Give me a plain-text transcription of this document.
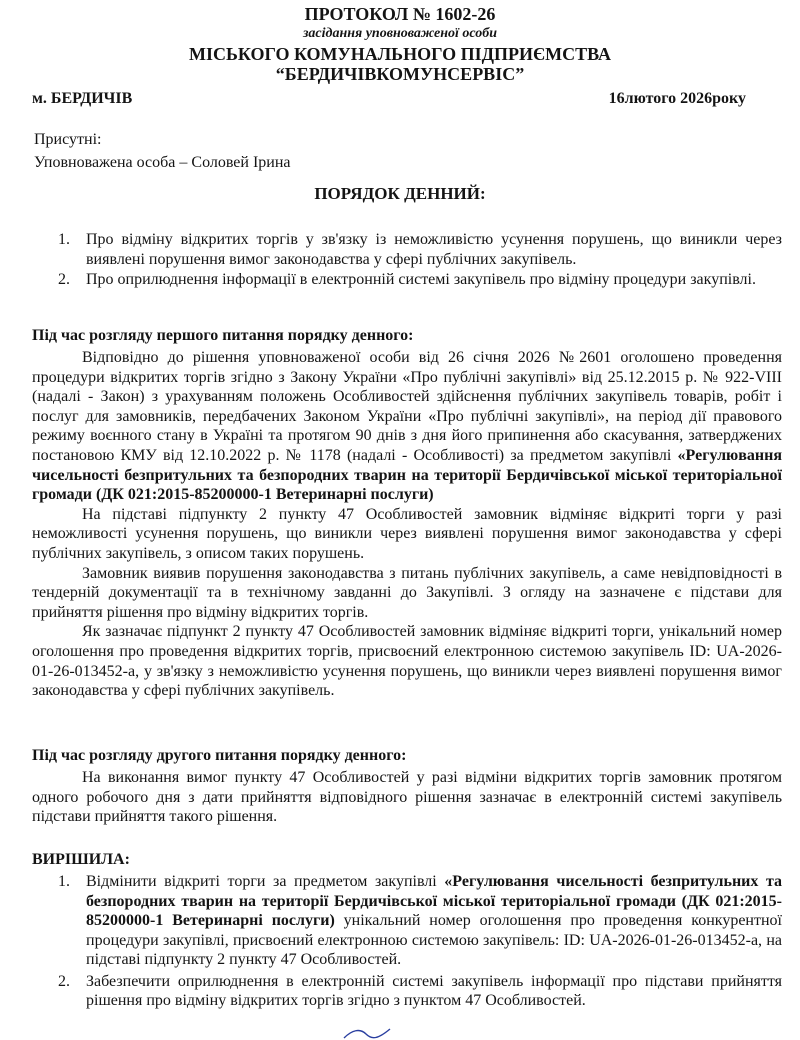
ПРОТОКОЛ № 1602-26
засідання уповноваженої особи
МІСЬКОГО КОМУНАЛЬНОГО ПІДПРИЄМСТВА
“БЕРДИЧІВКОМУНСЕРВІС”
м. БЕРДИЧІВ	16лютого 2026року
Присутні:
Уповноважена особа – Соловей Ірина
ПОРЯДОК ДЕННИЙ:
1. Про відміну відкритих торгів у зв'язку із неможливістю усунення порушень, що виникли через виявлені порушення вимог законодавства у сфері публічних закупівель.
2. Про оприлюднення інформації в електронній системі закупівель про відміну процедури закупівлі.
Під час розгляду першого питання порядку денного:

Відповідно до рішення уповноваженої особи від 26 січня 2026 №2601 оголошено проведення процедури відкритих торгів згідно з Закону України «Про публічні закупівлі» від 25.12.2015 р. № 922-VIII (надалі - Закон) з урахуванням положень Особливостей здійснення публічних закупівель товарів, робіт і послуг для замовників, передбачених Законом України «Про публічні закупівлі», на період дії правового режиму воєнного стану в Україні та протягом 90 днів з дня його припинення або скасування, затверджених постановою КМУ від 12.10.2022 р. № 1178 (надалі - Особливості) за предметом закупівлі «Регулювання чисельності безпритульних та безпородних тварин на території Бердичівської міської територіальної громади (ДК 021:2015-85200000-1 Ветеринарні послуги)

На підставі підпункту 2 пункту 47 Особливостей замовник відміняє відкриті торги у разі неможливості усунення порушень, що виникли через виявлені порушення вимог законодавства у сфері публічних закупівель, з описом таких порушень.

Замовник виявив порушення законодавства з питань публічних закупівель, а саме невідповідності в тендерній документації та в технічному завданні до Закупівлі. З огляду на зазначене є підстави для прийняття рішення про відміну відкритих торгів.

Як зазначає підпункт 2 пункту 47 Особливостей замовник відміняє відкриті торги, унікальний номер оголошення про проведення відкритих торгів, присвоєний електронною системою закупівель ID: UA-2026-01-26-013452-a, у зв'язку з неможливістю усунення порушень, що виникли через виявлені порушення вимог законодавства у сфері публічних закупівель.

Під час розгляду другого питання порядку денного:

На виконання вимог пункту 47 Особливостей у разі відміни відкритих торгів замовник протягом одного робочого дня з дати прийняття відповідного рішення зазначає в електронній системі закупівель підстави прийняття такого рішення.

ВИРІШИЛА:
1. Відмінити відкриті торги за предметом закупівлі «Регулювання чисельності безпритульних та безпородних тварин на території Бердичівської міської територіальної громади (ДК 021:2015-85200000-1 Ветеринарні послуги) унікальний номер оголошення про проведення конкурентної процедури закупівлі, присвоєний електронною системою закупівель: ID: UA-2026-01-26-013452-a, на підставі підпункту 2 пункту 47 Особливостей.
2. Забезпечити оприлюднення в електронній системі закупівель інформації про підстави прийняття рішення про відміну відкритих торгів згідно з пунктом 47 Особливостей.
